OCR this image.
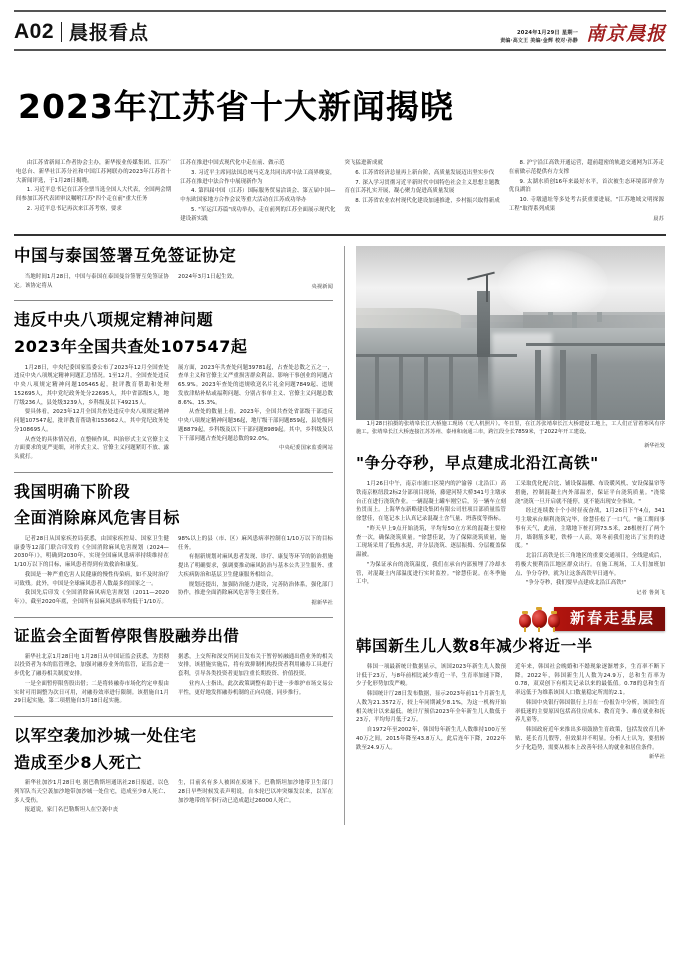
A02 晨报看点	2024年1月29日 星期一
责编·高文王 美编·金辉 校对·孙静 南京晨报
2023年江苏省十大新闻揭晓

由江苏省新闻工作者协会主办，新华报业传媒集团、江苏广电总台、新华社江苏分社和中国江苏网联办的2023年江苏省十大新闻评选，于1月28日揭晓。

1. 习近平总书记在江苏全票当选全国人大代表，全国两会期间参加江苏代表团审议嘱咐江苏"四个走在前"重大任务

2. 习近平总书记再次来江苏考察，要求

江苏在推进中国式现代化中走在前、做示范

3. 习近平主席同法国总统马克龙共同出席中法工商界晚宴，江苏在推进中法合作中展现新作为

4. 第四届中国（江苏）国际服务贸易洽谈会、第五届中国—中东欧国家地方合作会议等重大活动在江苏成功举办

5. "军运江苏篇"成功举办，走在前列的江苏全面展示现代化建设新实践

突飞猛进新成就

6. 江苏省经济总量再上新台阶，高质量发展迈出坚实步伐

7. 深入学习贯彻习近平新时代中国特色社会主义思想主题教育在江苏扎实开展，凝心聚力促进高质量发展

8. 江苏省农业农村现代化建设加速推进，乡村振兴取得新成效

8. 沪宁沿江高铁开通运营，超前超密的轨道交通网为江苏走在前做示范提供有力支撑

9. 太湖水质创16年来最好水平，首次被生态环境部评价为优良湖泊

10. 寺墩遗址等多处考古获重要进展，"江苏地域文明探源工程"取得系列成果

晨苏

中国与泰国签署互免签证协定

当地时间1月28日，中国与泰国在泰国曼谷签署互免签证协定。该协定将从

2024年3月1日起生效。

央视新闻

违反中央八项规定精神问题
2023年全国共查处107547起

1月28日，中央纪委国家监委公布了2023年12月全国查处违反中央八项规定精神问题汇总情况。1至12月，全国查处违反中央八项规定精神问题105465起，批评教育帮助和处理152695人，其中党纪政务处分22695人，其中省部级5人，地厅级236人，县处级3239人，乡科级及以下49215人。

要具体看，2023年12月全国共查处违反中央八项规定精神问题107547起，批评教育帮助和153662人，其中党纪政务处分108695人。

从查处的具体情况看，在整顿作风、纠治形式主义官僚主义方面要求的更严更细，对形式主义、官僚主义问题紧盯不放、露头就打。

展方面，2023年共查处问题39781起，占查处总数之五之一，查单主义和官僚主义严重损害群众利益、影响干事创业的问题占65.9%。2023年查处的违规收送名片礼金问题7849起、违规发放津贴补贴或福利问题、分别占事单主义、官僚主义问题总数8.6%、15.3%。

从查处的数量上看，2023年，全国共查处省部级干部违反中央八项规定精神问题36起，地厅级干部问题859起，县处级问题8879起，乡科级及以下干部问题8989起。其中，乡科级及以下干部问题占查处问题总数的92.0%。

中央纪委国家监委网站

我国明确下阶段
全面消除麻风危害目标

记者28日从国家疾控局获悉，由国家疾控局、国家卫生健康委等12部门联合印发的《全国消除麻风危害规划（2024—2030年）》，明确到2030年，实现全国麻风患病率持续维持在1/10万以下的目标，麻风患者得到有效救治和康复。

我国是一种严重危害人民健康的慢性传染病，如不及时治疗可致残。此外，中国是全球麻风患者人数最多的国家之一。

我国先后印发《全国消除麻风病危害规划（2011—2020年）》，截至2020年底，全国所有县麻风患病率均低于1/10万。

98%以上的县（市、区）麻风患病率控制在1/10万以下的目标任务。

有据新规划对麻风患者发现、诊疗、康复等环节的防治措施提出了明确要求，强调要推动麻风防治与基本公共卫生服务、重大疾病防治和基层卫生健康服务相结合。

规划还提出，加强防治能力建设，完善防治体系，强化部门协作，推进全面消除麻风危害等主要任务。

据新华社

证监会全面暂停限售股融券出借

新华社北京1月28日电 1月28日从中国证监会获悉，为贯彻以投资者为本的监管理念，加强对融券业务的监管，证监会进一步优化了融券相关制度安排。

一是全面暂停限售股出借；二是将转融券市场化约定申报由实时可用调整为次日可用，对融券效率进行限制。该措施自1月29日起实施，第二项措施自3月18日起实施。

据悉，上交所和深交所同日发布关于暂停转融通出借业务的相关安排，该措施实施后，将有效抑制机构投资者利用融券工具进行套利，引导各类投资者更加注重长期投资、价值投资。

业内人士指出，此次政策调整有助于进一步维护市场交易公平性，更好地发挥融券机制的正向功能，同步推行。

以军空袭加沙城一处住宅
造成至少8人死亡

新华社加沙1月28日电 据巴勒斯坦通讯社28日报道，以色列军队当天空袭加沙地带加沙城一处住宅，造成至少8人死亡、多人受伤。

报道说，家门名巴勒斯坦人在空袭中丧

生，目前名有多人被困在废墟下。巴勒斯坦加沙地带卫生部门28日早些时候发表声明说，自本轮巴以冲突爆发以来，以军在加沙地带的军事行动已造成超过26000人死亡。

1月28日拍摄的张靖皋长江大桥施工现场（无人机照片）。冬日里，在江苏张靖皋长江大桥建设工地上，工人们正冒着寒风有序施工。张靖皋长江大桥连接江苏苏州、泰州和南通三市，跨江段全长7859米，于2022年开工建设。

新华社发

"争分夺秒，早点建成北沿江高铁"

1月26日中午，南京市浦口区境内的沪渝蓉（北沿江）高铁南京枢纽段2标2分部项目现场，藤建河特大桥341号主墩承台正在进行浇筑作业。一辆混凝土罐车刚空后，另一辆车立刻鱼贯而上。上海华东新略建设集团有限公司驻项目部质量监管徐慧佳，在笔记本上认真记录混凝土含气量、坍落度等指标。

"昨天早上9点开始浇筑，平均每50立方米的混凝土要检查一次，确保浇筑质量。"徐慧佳说，为了保障浇筑质量，施工现场采用了低热水泥，并分层浇筑、逐层振捣、分层覆盖保温被。

"为保证承台的浇筑温度，我们在承台内部预埋了冷却水管，对混凝土内部温度进行实时监控。"徐慧佳说。在冬季施工中，

工采取优化配合比、铺设保温棚、布设暖风机、安设保温帘等措施，控制混凝土内外部温差，保证平台浇筑质量。"浇梁浇"浇筑一旦开启就不能停，更不能出现安全事故。"

经过连续数十个小时昼夜奋战，1月26日下午4点，341号主墩承台顺利浇筑完毕，徐慧佳松了一口气。"施工期间事事有天气，此前，主墩地下桩打到73.5米，28根桩打了两个月，墙钢筋多呢，铁棒一人高，寒冬前我们抢出了宝贵的进度。"

北沿江高铁是长三角地区的重要交通项目，全线建成后，将极大便利沿江地区群众出行。在施工现场，工人们加班加点、争分夺秒，就为让这条高铁早日通车。

"争分夺秒，我们要早点建成北沿江高铁!"

记者 鲁剑飞

新春走基层
韩国新生儿人数8年减少将近一半

韩国一项最新统计数据显示，该国2023年新生儿人数预计低于23万，与8年前相比减少将近一半，生育率加速下降，少子化形势加发严峻。

韩国统计厅28日发布数据，显示2023年前11个月新生儿人数为21.3572万，较上年同期减少8.1%，为这一机构开始相关统计以来最低。统计厅预估2023年全年新生儿人数低于23万，平均每月低于2万。

自1972年至2002年，韩国每年新生儿人数维持100万至40万之间。2015年降至43.8万人，此后连年下降，2022年跌至24.9万人。

近年来，韩国社会晚婚和不婚现象逐渐增多，生育率不断下降。2022年，韩国新生儿人数为24.9万，总和生育率为0.78，双双创下有相关记录以来的最低值。0.78的总和生育率远低于为维系该国人口数量稳定所需的2.1。

韩国中央银行韩国银行上月在一份报告中分析，该国生育率低迷的主要原因包括高住房成本、教育竞争、难在就业和抚养儿童等。

韩国政府近年来推出多项鼓励生育政策，包括发放育儿补贴、延长育儿假等，但效果并不明显。分析人士认为，要扭转少子化趋势，需要从根本上改善年轻人的就业和居住条件。

新华社
